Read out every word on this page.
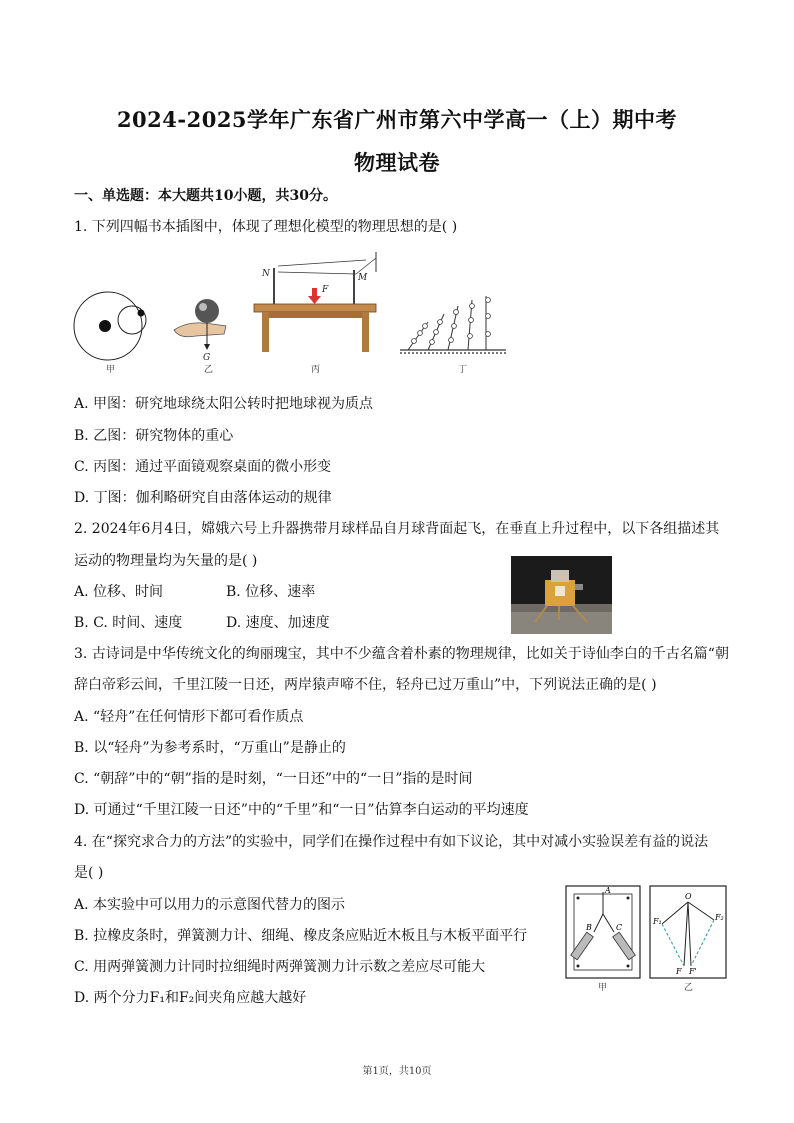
2024-2025学年广东省广州市第六中学高一（上）期中考
物理试卷
一、单选题：本大题共10小题，共30分。
1. 下列四幅书本插图中，体现了理想化模型的物理思想的是( )
甲
G
乙
N	M
F
丙	丁
A. 甲图：研究地球绕太阳公转时把地球视为质点
B. 乙图：研究物体的重心
C. 丙图：通过平面镜观察桌面的微小形变
D. 丁图：伽利略研究自由落体运动的规律
2. 2024年6月4日，嫦娥六号上升器携带月球样品自月球背面起飞，在垂直上升过程中，以下各组描述其
运动的物理量均为矢量的是( )
A. 位移、时间	B. 位移、速率
B. C. 时间、速度	D. 速度、加速度
3. 古诗词是中华传统文化的绚丽瑰宝，其中不少蕴含着朴素的物理规律，比如关于诗仙李白的千古名篇“朝
辞白帝彩云间，千里江陵一日还，两岸猿声啼不住，轻舟已过万重山”中，下列说法正确的是( )
A. “轻舟”在任何情形下都可看作质点
B. 以“轻舟”为参考系时，“万重山”是静止的
C. “朝辞”中的“朝”指的是时刻，“一日还”中的“一日”指的是时间
D. 可通过“千里江陵一日还”中的“千里”和“一日”估算李白运动的平均速度
4. 在“探究求合力的方法”的实验中，同学们在操作过程中有如下议论，其中对减小实验误差有益的说法
是( )
A. 本实验中可以用力的示意图代替力的图示
B. 拉橡皮条时，弹簧测力计、细绳、橡皮条应贴近木板且与木板平面平行
C. 用两弹簧测力计同时拉细绳时两弹簧测力计示数之差应尽可能大
D. 两个分力F₁和F₂间夹角应越大越好
A
B	C
甲
O
F₁	F₂
F F'
乙
第1页，共10页
